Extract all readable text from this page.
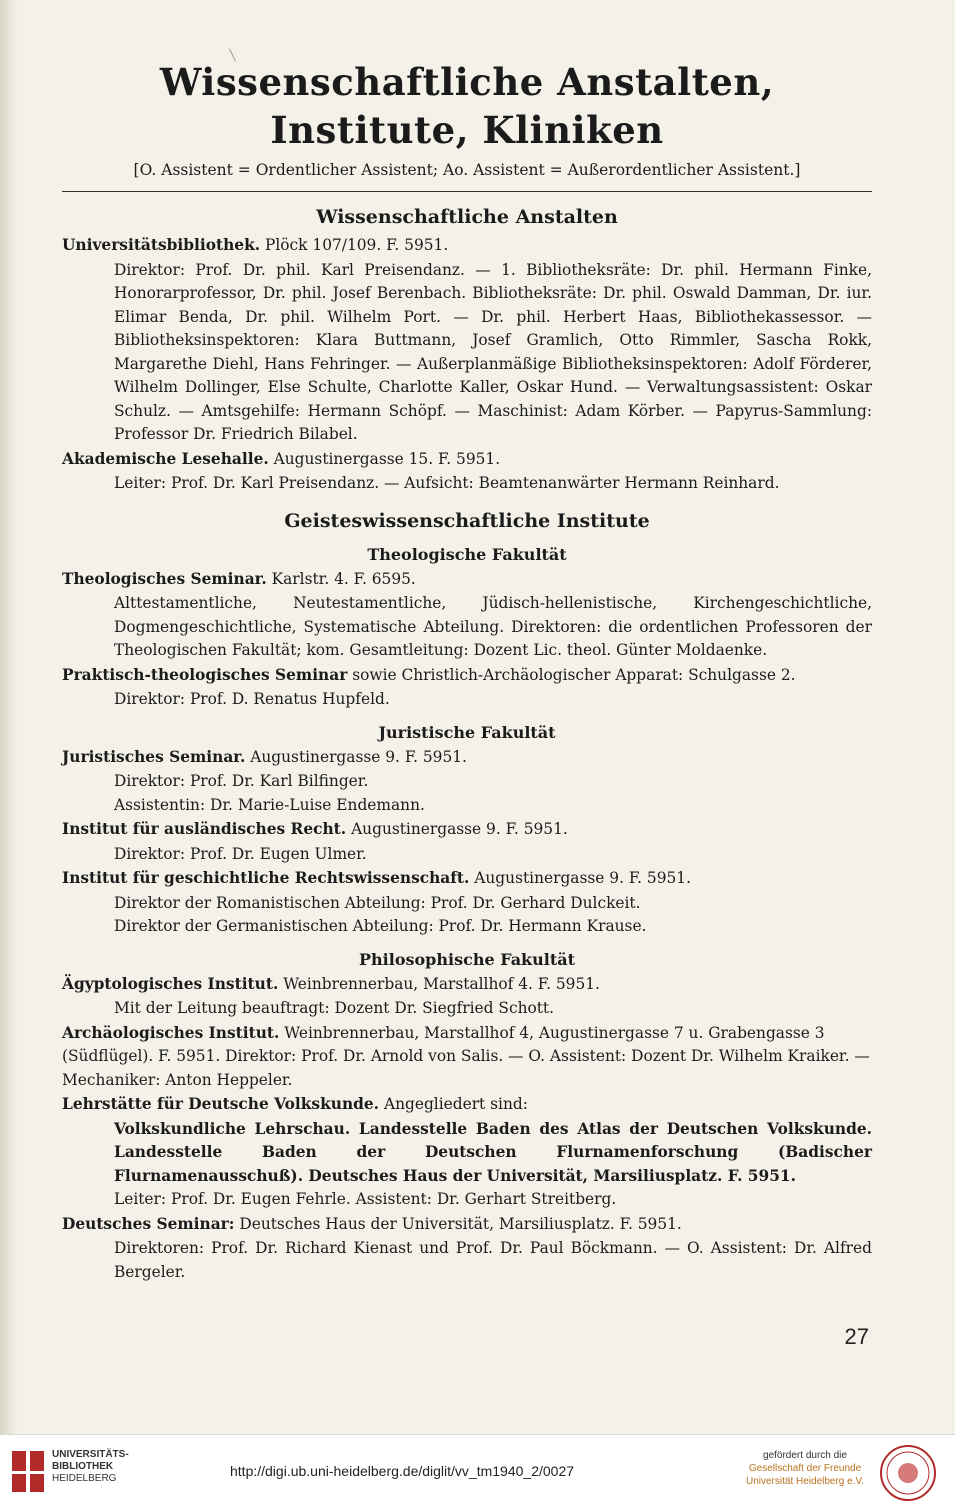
Wissenschaftliche Anstalten, Institute, Kliniken
[O. Assistent = Ordentlicher Assistent; Ao. Assistent = Außerordentlicher Assistent.]
Wissenschaftliche Anstalten
Universitätsbibliothek. Plöck 107/109. F. 5951.
Direktor: Prof. Dr. phil. Karl Preisendanz. — 1. Bibliotheksräte: Dr. phil. Hermann Finke, Honorarprofessor, Dr. phil. Josef Berenbach. Bibliotheksräte: Dr. phil. Oswald Damman, Dr. iur. Elimar Benda, Dr. phil. Wilhelm Port. — Dr. phil. Herbert Haas, Bibliothekassessor. — Bibliotheksinspektoren: Klara Buttmann, Josef Gramlich, Otto Rimmler, Sascha Rokk, Margarethe Diehl, Hans Fehringer. — Außerplanmäßige Bibliotheksinspektoren: Adolf Förderer, Wilhelm Dollinger, Else Schulte, Charlotte Kaller, Oskar Hund. — Verwaltungsassistent: Oskar Schulz. — Amtsgehilfe: Hermann Schöpf. — Maschinist: Adam Körber. — Papyrus-Sammlung: Professor Dr. Friedrich Bilabel.
Akademische Lesehalle. Augustinergasse 15. F. 5951.
Leiter: Prof. Dr. Karl Preisendanz. — Aufsicht: Beamtenanwärter Hermann Reinhard.
Geisteswissenschaftliche Institute
Theologische Fakultät
Theologisches Seminar. Karlstr. 4. F. 6595.
Alttestamentliche, Neutestamentliche, Jüdisch-hellenistische, Kirchengeschichtliche, Dogmengeschichtliche, Systematische Abteilung. Direktoren: die ordentlichen Professoren der Theologischen Fakultät; kom. Gesamtleitung: Dozent Lic. theol. Günter Moldaenke.
Praktisch-theologisches Seminar sowie Christlich-Archäologischer Apparat: Schulgasse 2.
Direktor: Prof. D. Renatus Hupfeld.
Juristische Fakultät
Juristisches Seminar. Augustinergasse 9. F. 5951.
Direktor: Prof. Dr. Karl Bilfinger.
Assistentin: Dr. Marie-Luise Endemann.
Institut für ausländisches Recht. Augustinergasse 9. F. 5951.
Direktor: Prof. Dr. Eugen Ulmer.
Institut für geschichtliche Rechtswissenschaft. Augustinergasse 9. F. 5951.
Direktor der Romanistischen Abteilung: Prof. Dr. Gerhard Dulckeit.
Direktor der Germanistischen Abteilung: Prof. Dr. Hermann Krause.
Philosophische Fakultät
Ägyptologisches Institut. Weinbrennerbau, Marstallhof 4. F. 5951.
Mit der Leitung beauftragt: Dozent Dr. Siegfried Schott.
Archäologisches Institut. Weinbrennerbau, Marstallhof 4, Augustinergasse 7 u. Grabengasse 3 (Südflügel). F. 5951. Direktor: Prof. Dr. Arnold von Salis. — O. Assistent: Dozent Dr. Wilhelm Kraiker. — Mechaniker: Anton Heppeler.
Lehrstätte für Deutsche Volkskunde. Angegliedert sind:
Volkskundliche Lehrschau. Landesstelle Baden des Atlas der Deutschen Volkskunde. Landesstelle Baden der Deutschen Flurnamenforschung (Badischer Flurnamenausschuß). Deutsches Haus der Universität, Marsiliusplatz. F. 5951.
Leiter: Prof. Dr. Eugen Fehrle. Assistent: Dr. Gerhart Streitberg.
Deutsches Seminar: Deutsches Haus der Universität, Marsiliusplatz. F. 5951.
Direktoren: Prof. Dr. Richard Kienast und Prof. Dr. Paul Böckmann. — O. Assistent: Dr. Alfred Bergeler.
27
UNIVERSITÄTS-
BIBLIOTHEK
HEIDELBERG	http://digi.ub.uni-heidelberg.de/diglit/vv_tm1940_2/0027
gefördert durch die
Gesellschaft der Freunde
Universität Heidelberg e.V.
